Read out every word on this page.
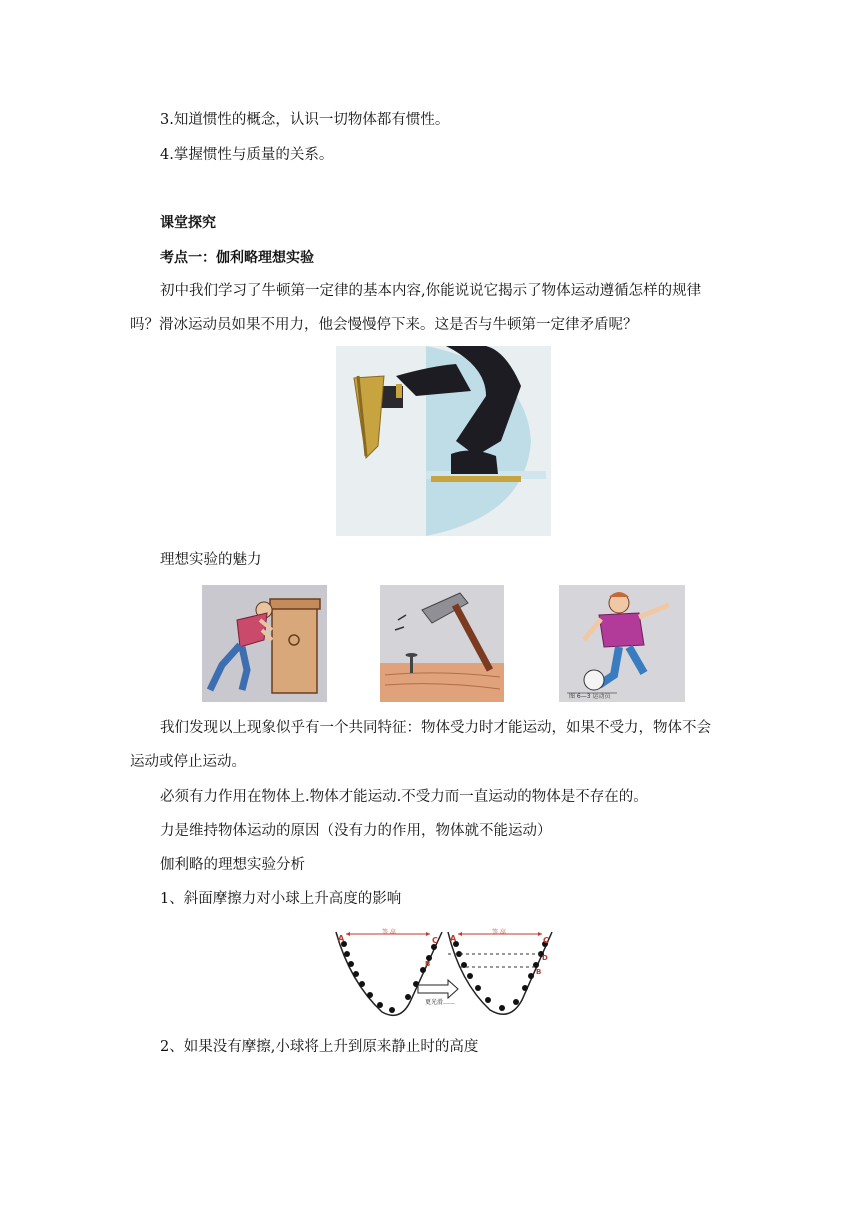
3.知道惯性的概念，认识一切物体都有惯性。
4.掌握惯性与质量的关系。
课堂探究
考点一：伽利略理想实验
初中我们学习了牛顿第一定律的基本内容,你能说说它揭示了物体运动遵循怎样的规律
吗？滑冰运动员如果不用力，他会慢慢停下来。这是否与牛顿第一定律矛盾呢？
理想实验的魅力
图 6—3 运动员
我们发现以上现象似乎有一个共同特征：物体受力时才能运动，如果不受力，物体不会
运动或停止运动。
必须有力作用在物体上.物体才能运动.不受力而一直运动的物体是不存在的。
力是维持物体运动的原因（没有力的作用，物体就不能运动）
伽利略的理想实验分析
1、斜面摩擦力对小球上升高度的影响
等 高	等 高
更光滑……
A	C
B
A	C
D
B
2、如果没有摩擦,小球将上升到原来静止时的高度
